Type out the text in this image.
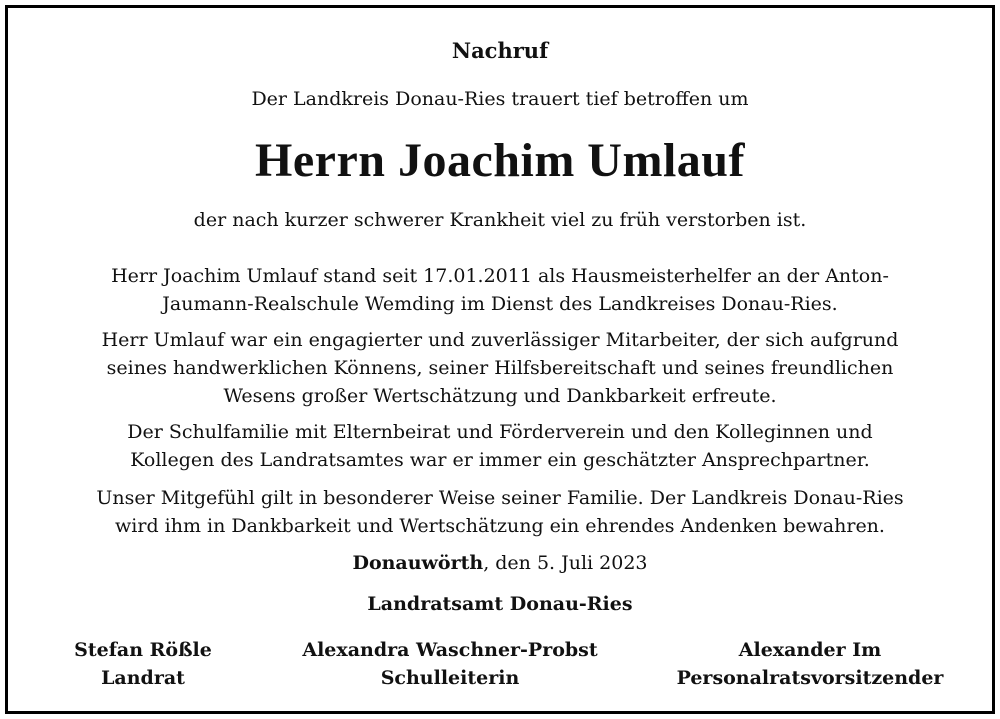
Nachruf
Der Landkreis Donau-Ries trauert tief betroffen um
Herrn Joachim Umlauf
der nach kurzer schwerer Krankheit viel zu früh verstorben ist.
Herr Joachim Umlauf stand seit 17.01.2011 als Hausmeisterhelfer an der Anton-
Jaumann-Realschule Wemding im Dienst des Landkreises Donau-Ries.
Herr Umlauf war ein engagierter und zuverlässiger Mitarbeiter, der sich aufgrund
seines handwerklichen Könnens, seiner Hilfsbereitschaft und seines freundlichen
Wesens großer Wertschätzung und Dankbarkeit erfreute.
Der Schulfamilie mit Elternbeirat und Förderverein und den Kolleginnen und
Kollegen des Landratsamtes war er immer ein geschätzter Ansprechpartner.
Unser Mitgefühl gilt in besonderer Weise seiner Familie. Der Landkreis Donau-Ries
wird ihm in Dankbarkeit und Wertschätzung ein ehrendes Andenken bewahren.
Donauwörth, den 5. Juli 2023
Landratsamt Donau-Ries
Stefan Rößle
Landrat
Alexandra Waschner-Probst
Schulleiterin
Alexander Im
Personalratsvorsitzender
